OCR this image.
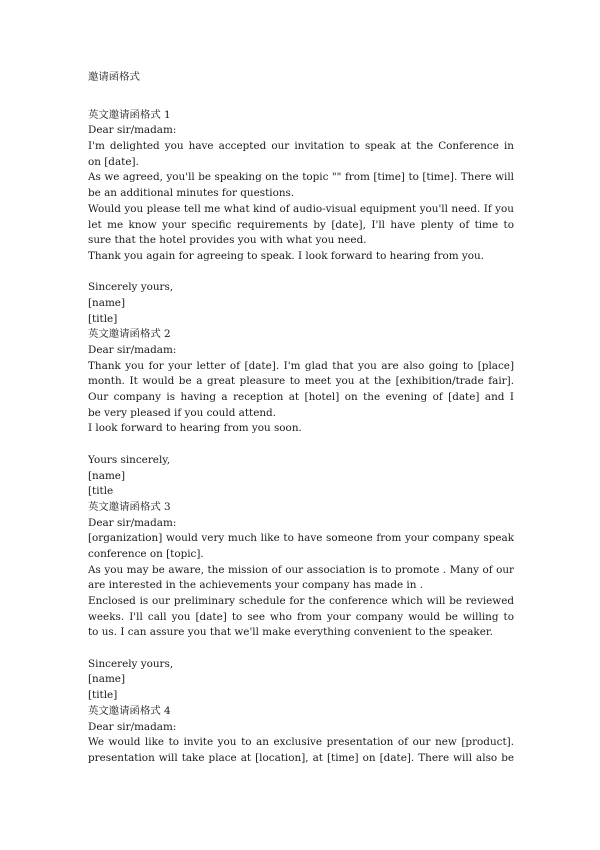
邀请函格式
英文邀请函格式 1
Dear sir/madam:
I'm delighted you have accepted our invitation to speak at the Conference in
on [date].
As we agreed, you'll be speaking on the topic "" from [time] to [time]. There will
be an additional minutes for questions.
Would you please tell me what kind of audio-visual equipment you'll need. If you
let me know your specific requirements by [date], I'll have plenty of time to
sure that the hotel provides you with what you need.
Thank you again for agreeing to speak. I look forward to hearing from you.
Sincerely yours,
[name]
[title]
英文邀请函格式 2
Dear sir/madam:
Thank you for your letter of [date]. I'm glad that you are also going to [place]
month. It would be a great pleasure to meet you at the [exhibition/trade fair].
Our company is having a reception at [hotel] on the evening of [date] and I
be very pleased if you could attend.
I look forward to hearing from you soon.
Yours sincerely,
[name]
[title
英文邀请函格式 3
Dear sir/madam:
[organization] would very much like to have someone from your company speak
conference on [topic].
As you may be aware, the mission of our association is to promote . Many of our
are interested in the achievements your company has made in .
Enclosed is our preliminary schedule for the conference which will be reviewed
weeks. I'll call you [date] to see who from your company would be willing to
to us. I can assure you that we'll make everything convenient to the speaker.
Sincerely yours,
[name]
[title]
英文邀请函格式 4
Dear sir/madam:
We would like to invite you to an exclusive presentation of our new [product].
presentation will take place at [location], at [time] on [date]. There will also be
